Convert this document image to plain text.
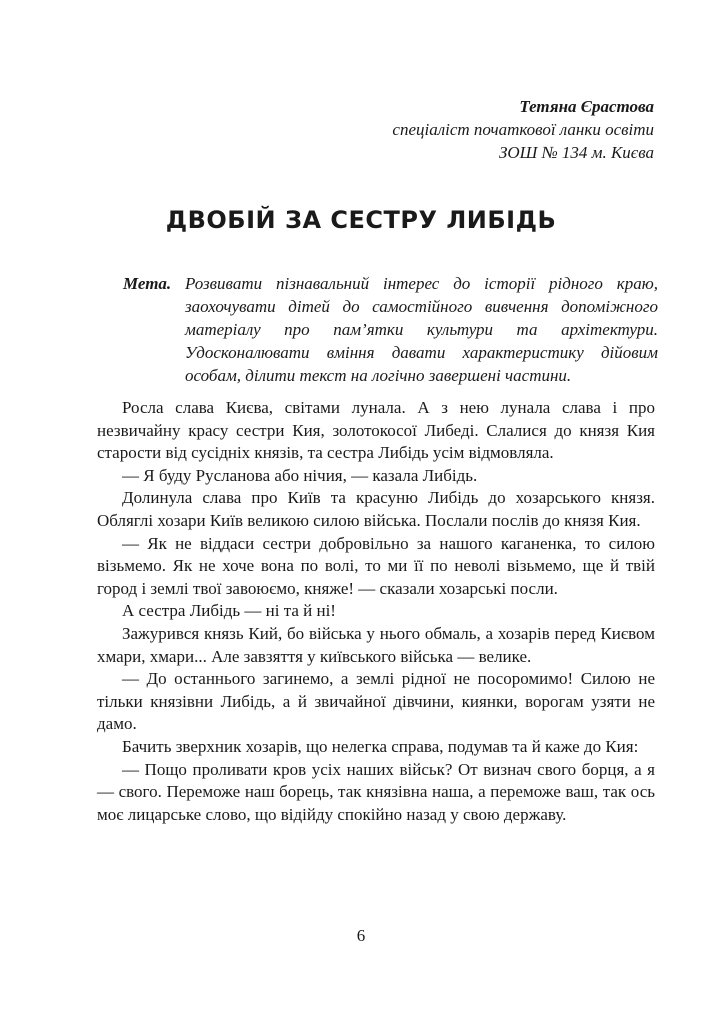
Тетяна Єрастова
спеціаліст початкової ланки освіти
ЗОШ № 134 м. Києва
ДВОБІЙ ЗА СЕСТРУ ЛИБІДЬ
Мета. Розвивати пізнавальний інтерес до історії рідного краю, заохочувати дітей до самостійного вивчення допоміжного матеріалу про пам’ятки культури та архітектури. Удосконалювати вміння давати характеристику дійовим особам, ділити текст на логічно завершені частини.

Росла слава Києва, світами лунала. А з нею лунала слава і про незвичайну красу сестри Кия, золотокосої Либеді. Слалися до князя Кия старости від сусідніх князів, та сестра Либідь усім відмовляла.

— Я буду Русланова або нічия, — казала Либідь.

Долинула слава про Київ та красуню Либідь до хозарського князя. Обляглі хозари Київ великою силою війська. Послали послів до князя Кия.

— Як не віддаси сестри добровільно за нашого каганенка, то силою візьмемо. Як не хоче вона по волі, то ми її по неволі візьмемо, ще й твій город і землі твої завоюємо, княже! — сказали хозарські посли.

А сестра Либідь — ні та й ні!

Зажурився князь Кий, бо війська у нього обмаль, а хозарів перед Києвом хмари, хмари... Але завзяття у київського війська — велике.

— До останнього загинемо, а землі рідної не посоромимо! Силою не тільки князівни Либідь, а й звичайної дівчини, киянки, ворогам узяти не дамо.

Бачить зверхник хозарів, що нелегка справа, подумав та й каже до Кия:

— Пощо проливати кров усіх наших військ? От визнач свого борця, а я — свого. Переможе наш борець, так князівна наша, а переможе ваш, так ось моє лицарське слово, що відійду спокійно назад у свою державу.

6
